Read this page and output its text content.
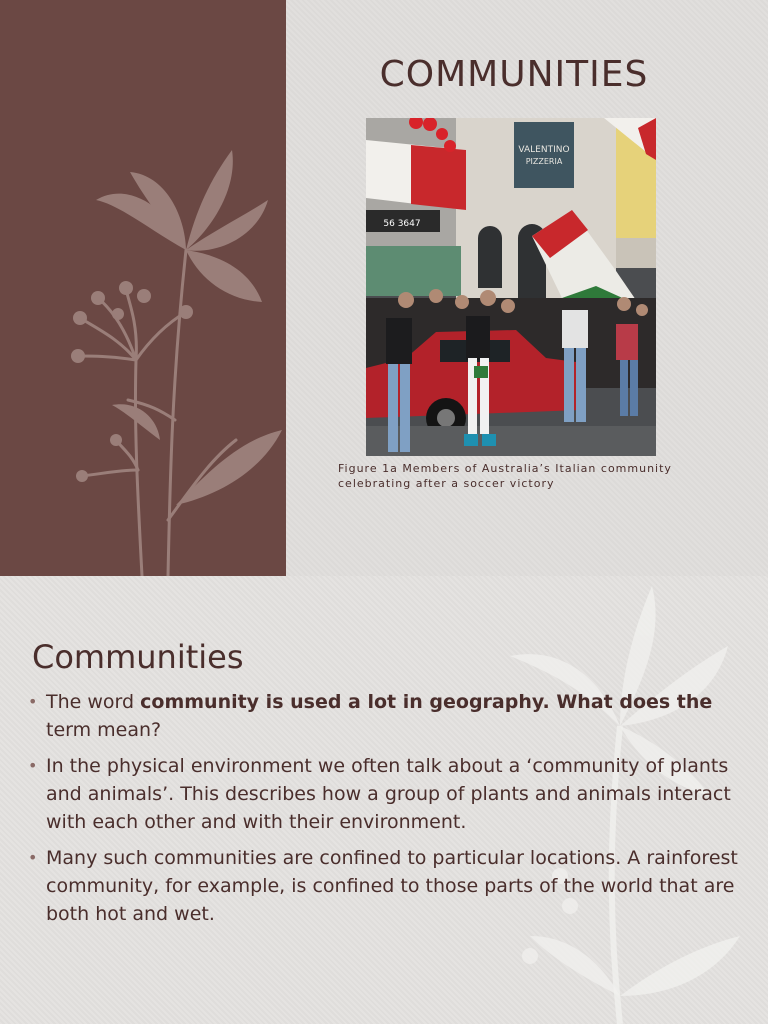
COMMUNITIES
VALENTINO
PIZZERIA
56 3647
Figure 1a Members of Australia’s Italian community
celebrating after a soccer victory
Communities
• The word community is used a lot in geography. What does the term mean?
• In the physical environment we often talk about a ‘community of plants and animals’. This describes how a group of plants and animals interact with each other and with their environment.
• Many such communities are confined to particular locations. A rainforest community, for example, is confined to those parts of the world that are both hot and wet.
